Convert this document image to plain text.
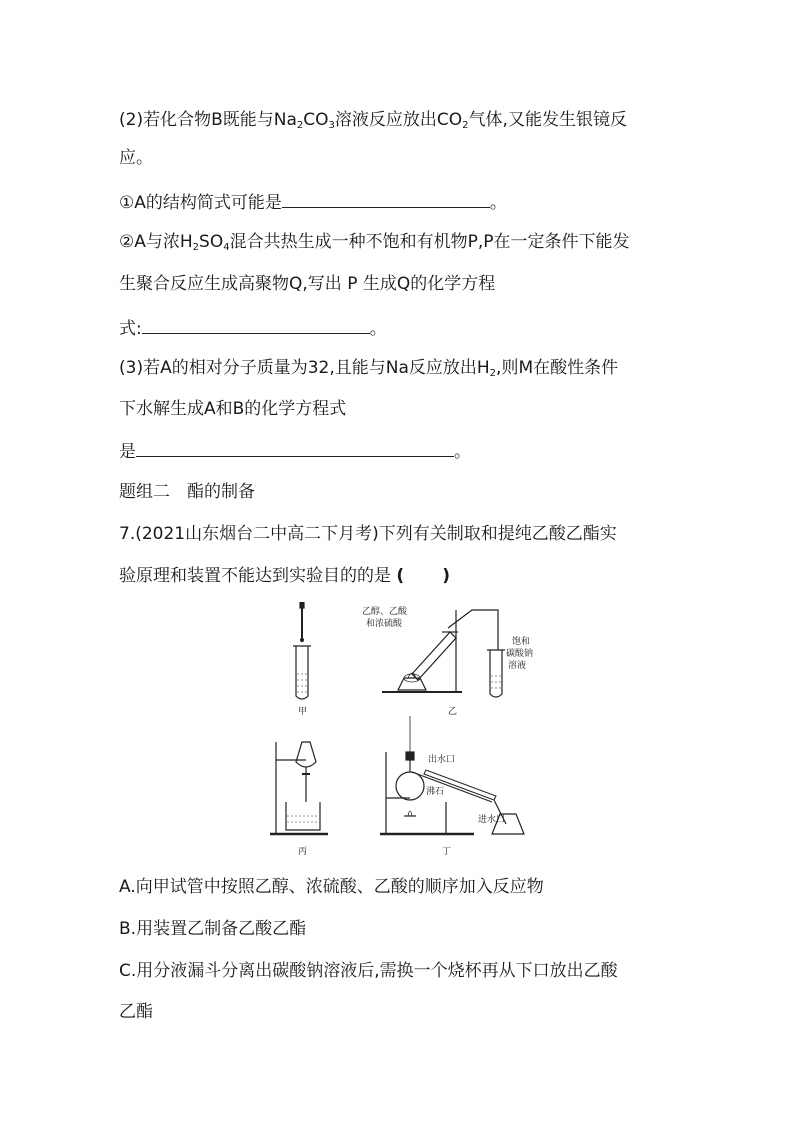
(2)若化合物B既能与$Na_2CO_3$溶液反应放出$CO_2$气体,又能发生银镜反
应。
①A的结构简式可能是	。
②A与浓$H_2SO_4$混合共热生成一种不饱和有机物P,P在一定条件下能发
生聚合反应生成高聚物Q,写出 P 生成Q的化学方程
式:	。
(3)若A的相对分子质量为32,且能与Na反应放出$H_2$,则M在酸性条件
下水解生成A和B的化学方程式
是	。
题组二　酯的制备
7.(2021山东烟台二中高二下月考)下列有关制取和提纯乙酸乙酯实
验原理和装置不能达到实验目的的是 ( )
甲	乙
丙	丁
乙醇、乙酸
和浓硫酸
饱和
碳酸钠
溶液
出水口
沸石
进水口
A.向甲试管中按照乙醇、浓硫酸、乙酸的顺序加入反应物
B.用装置乙制备乙酸乙酯
C.用分液漏斗分离出碳酸钠溶液后,需换一个烧杯再从下口放出乙酸
乙酯
